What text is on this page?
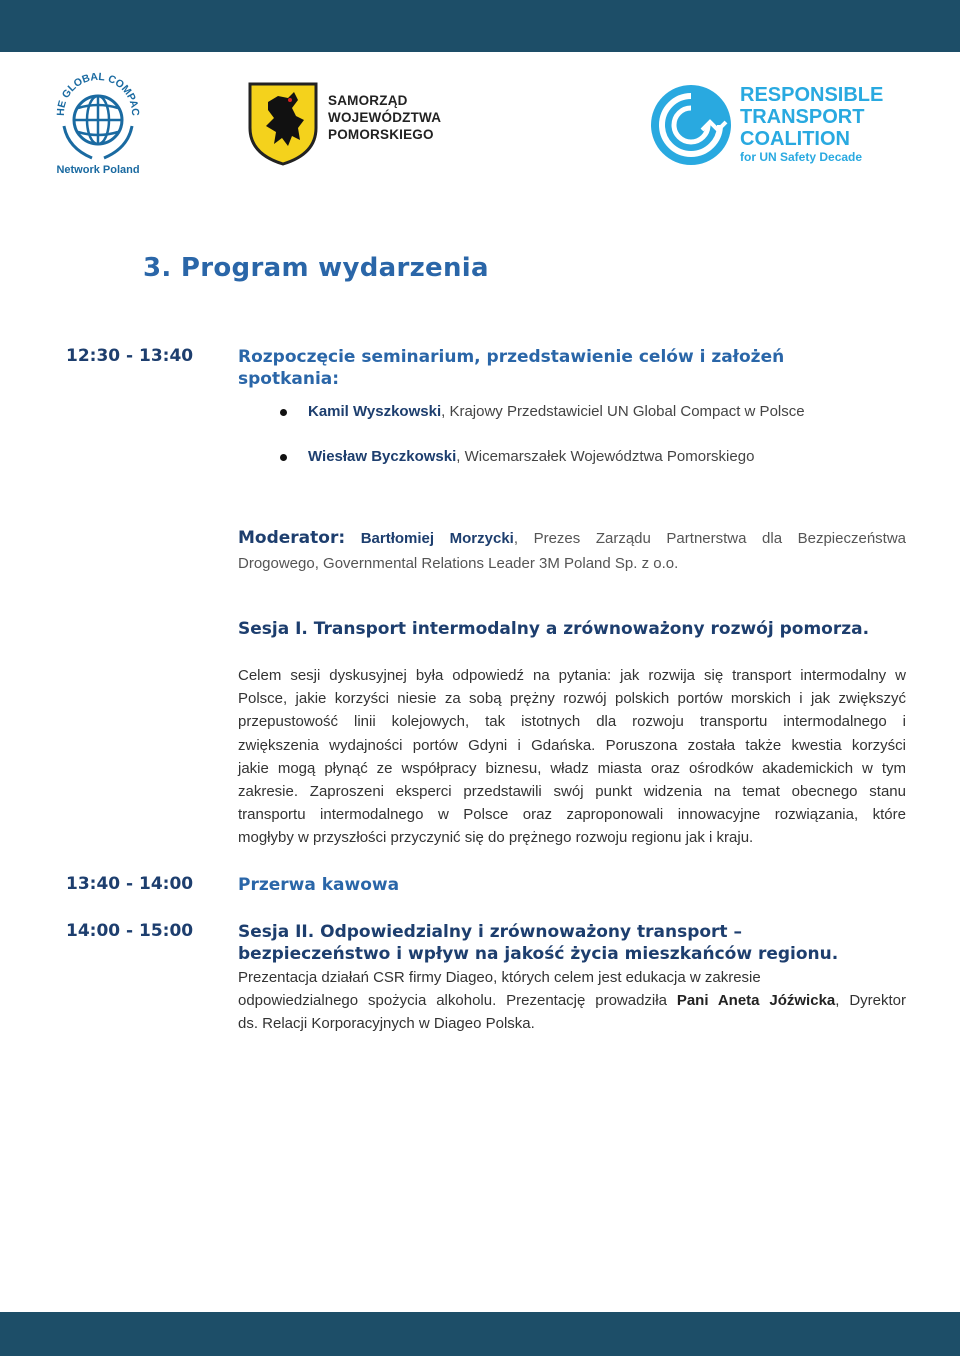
HE GLOBAL COMPAC
Network Poland
SAMORZĄD
WOJEWÓDZTWA POMORSKIEGO
RESPONSIBLE
TRANSPORT
COALITION
for UN Safety Decade
3. Program wydarzenia
12:30 - 13:40	Rozpoczęcie seminarium, przedstawienie celów i założeń
spotkania:
Kamil Wyszkowski, Krajowy Przedstawiciel UN Global Compact w Polsce
Wiesław Byczkowski, Wicemarszałek Województwa Pomorskiego
Moderator: Bartłomiej Morzycki, Prezes Zarządu Partnerstwa dla Bezpieczeństwa
Drogowego, Governmental Relations Leader 3M Poland Sp. z o.o.
Sesja I. Transport intermodalny a zrównoważony rozwój pomorza.
Celem sesji dyskusyjnej była odpowiedź na pytania: jak rozwija się transport intermodalny w
Polsce, jakie korzyści niesie za sobą prężny rozwój polskich portów morskich i jak zwiększyć
przepustowość linii kolejowych, tak istotnych dla rozwoju transportu intermodalnego i
zwiększenia wydajności portów Gdyni i Gdańska. Poruszona została także kwestia korzyści
jakie mogą płynąć ze współpracy biznesu, władz miasta oraz ośrodków akademickich w tym
zakresie. Zaproszeni eksperci przedstawili swój punkt widzenia na temat obecnego stanu
transportu intermodalnego w Polsce oraz zaproponowali innowacyjne rozwiązania, które
mogłyby w przyszłości przyczynić się do prężnego rozwoju regionu jak i kraju.
13:40 - 14:00	Przerwa kawowa
14:00 - 15:00	Sesja II. Odpowiedzialny i zrównoważony transport –
bezpieczeństwo i wpływ na jakość życia mieszkańców regionu.
Prezentacja działań CSR firmy Diageo, których celem jest edukacja w zakresie
odpowiedzialnego spożycia alkoholu. Prezentację prowadziła Pani Aneta Jóźwicka, Dyrektor
ds. Relacji Korporacyjnych w Diageo Polska.
